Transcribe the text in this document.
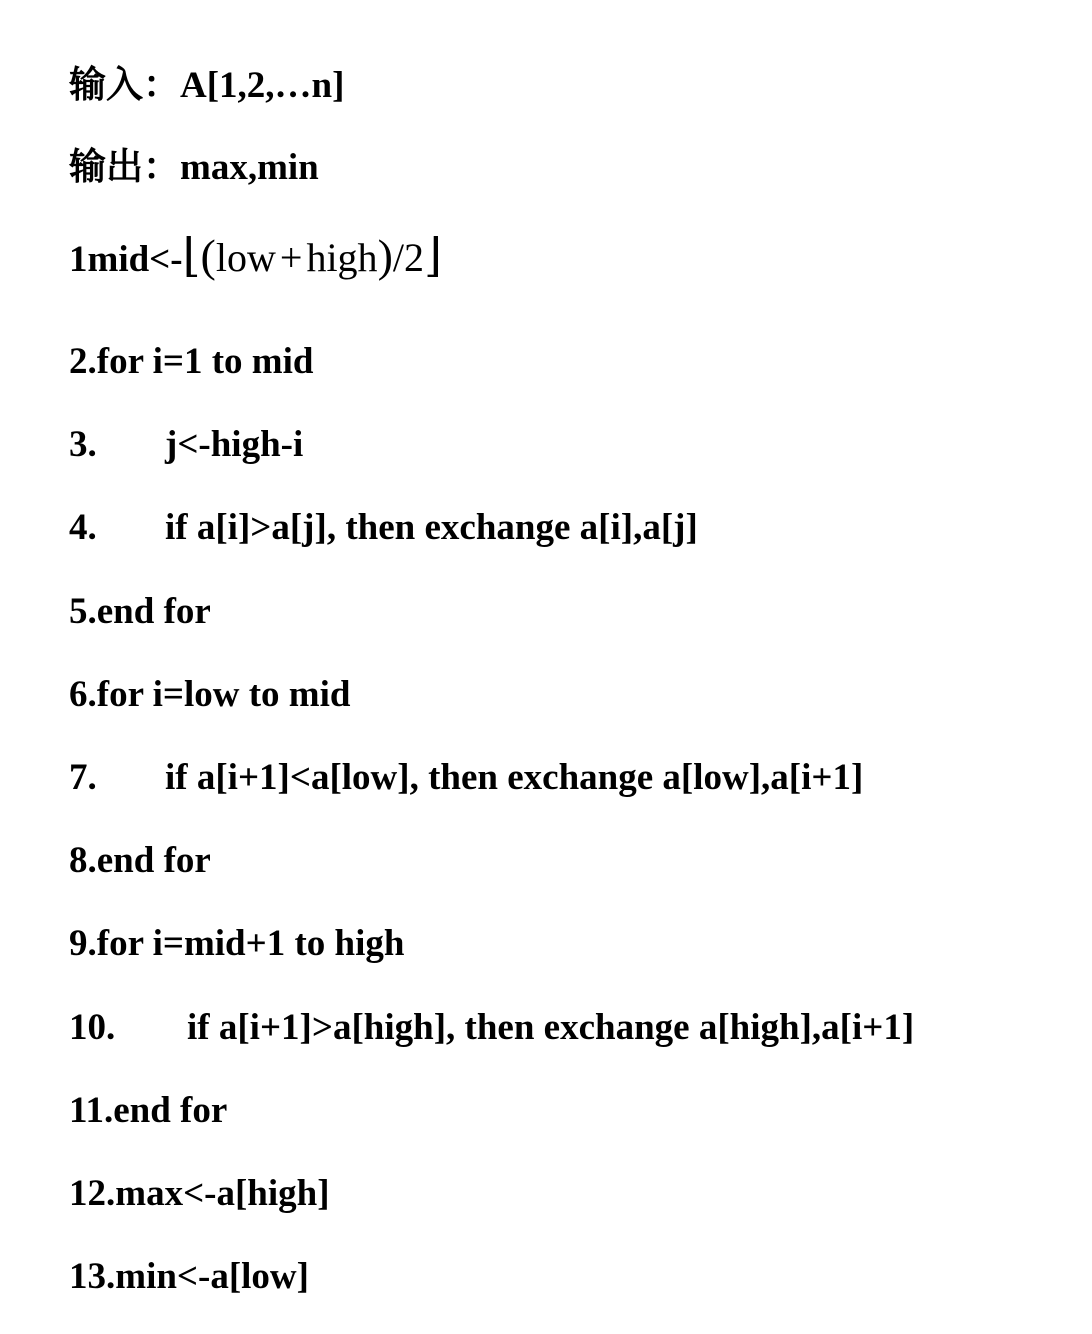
输入：A[1,2,…n]

输出：max,min

1mid<-⌊(low + high)/2⌋

2.for i=1 to mid

3. j<-high-i

4. if a[i]>a[j], then exchange a[i],a[j]

5.end for

6.for i=low to mid

7. if a[i+1]<a[low], then exchange a[low],a[i+1]

8.end for

9.for i=mid+1 to high

10. if a[i+1]>a[high], then exchange a[high],a[i+1]

11.end for

12.max<-a[high]

13.min<-a[low]
